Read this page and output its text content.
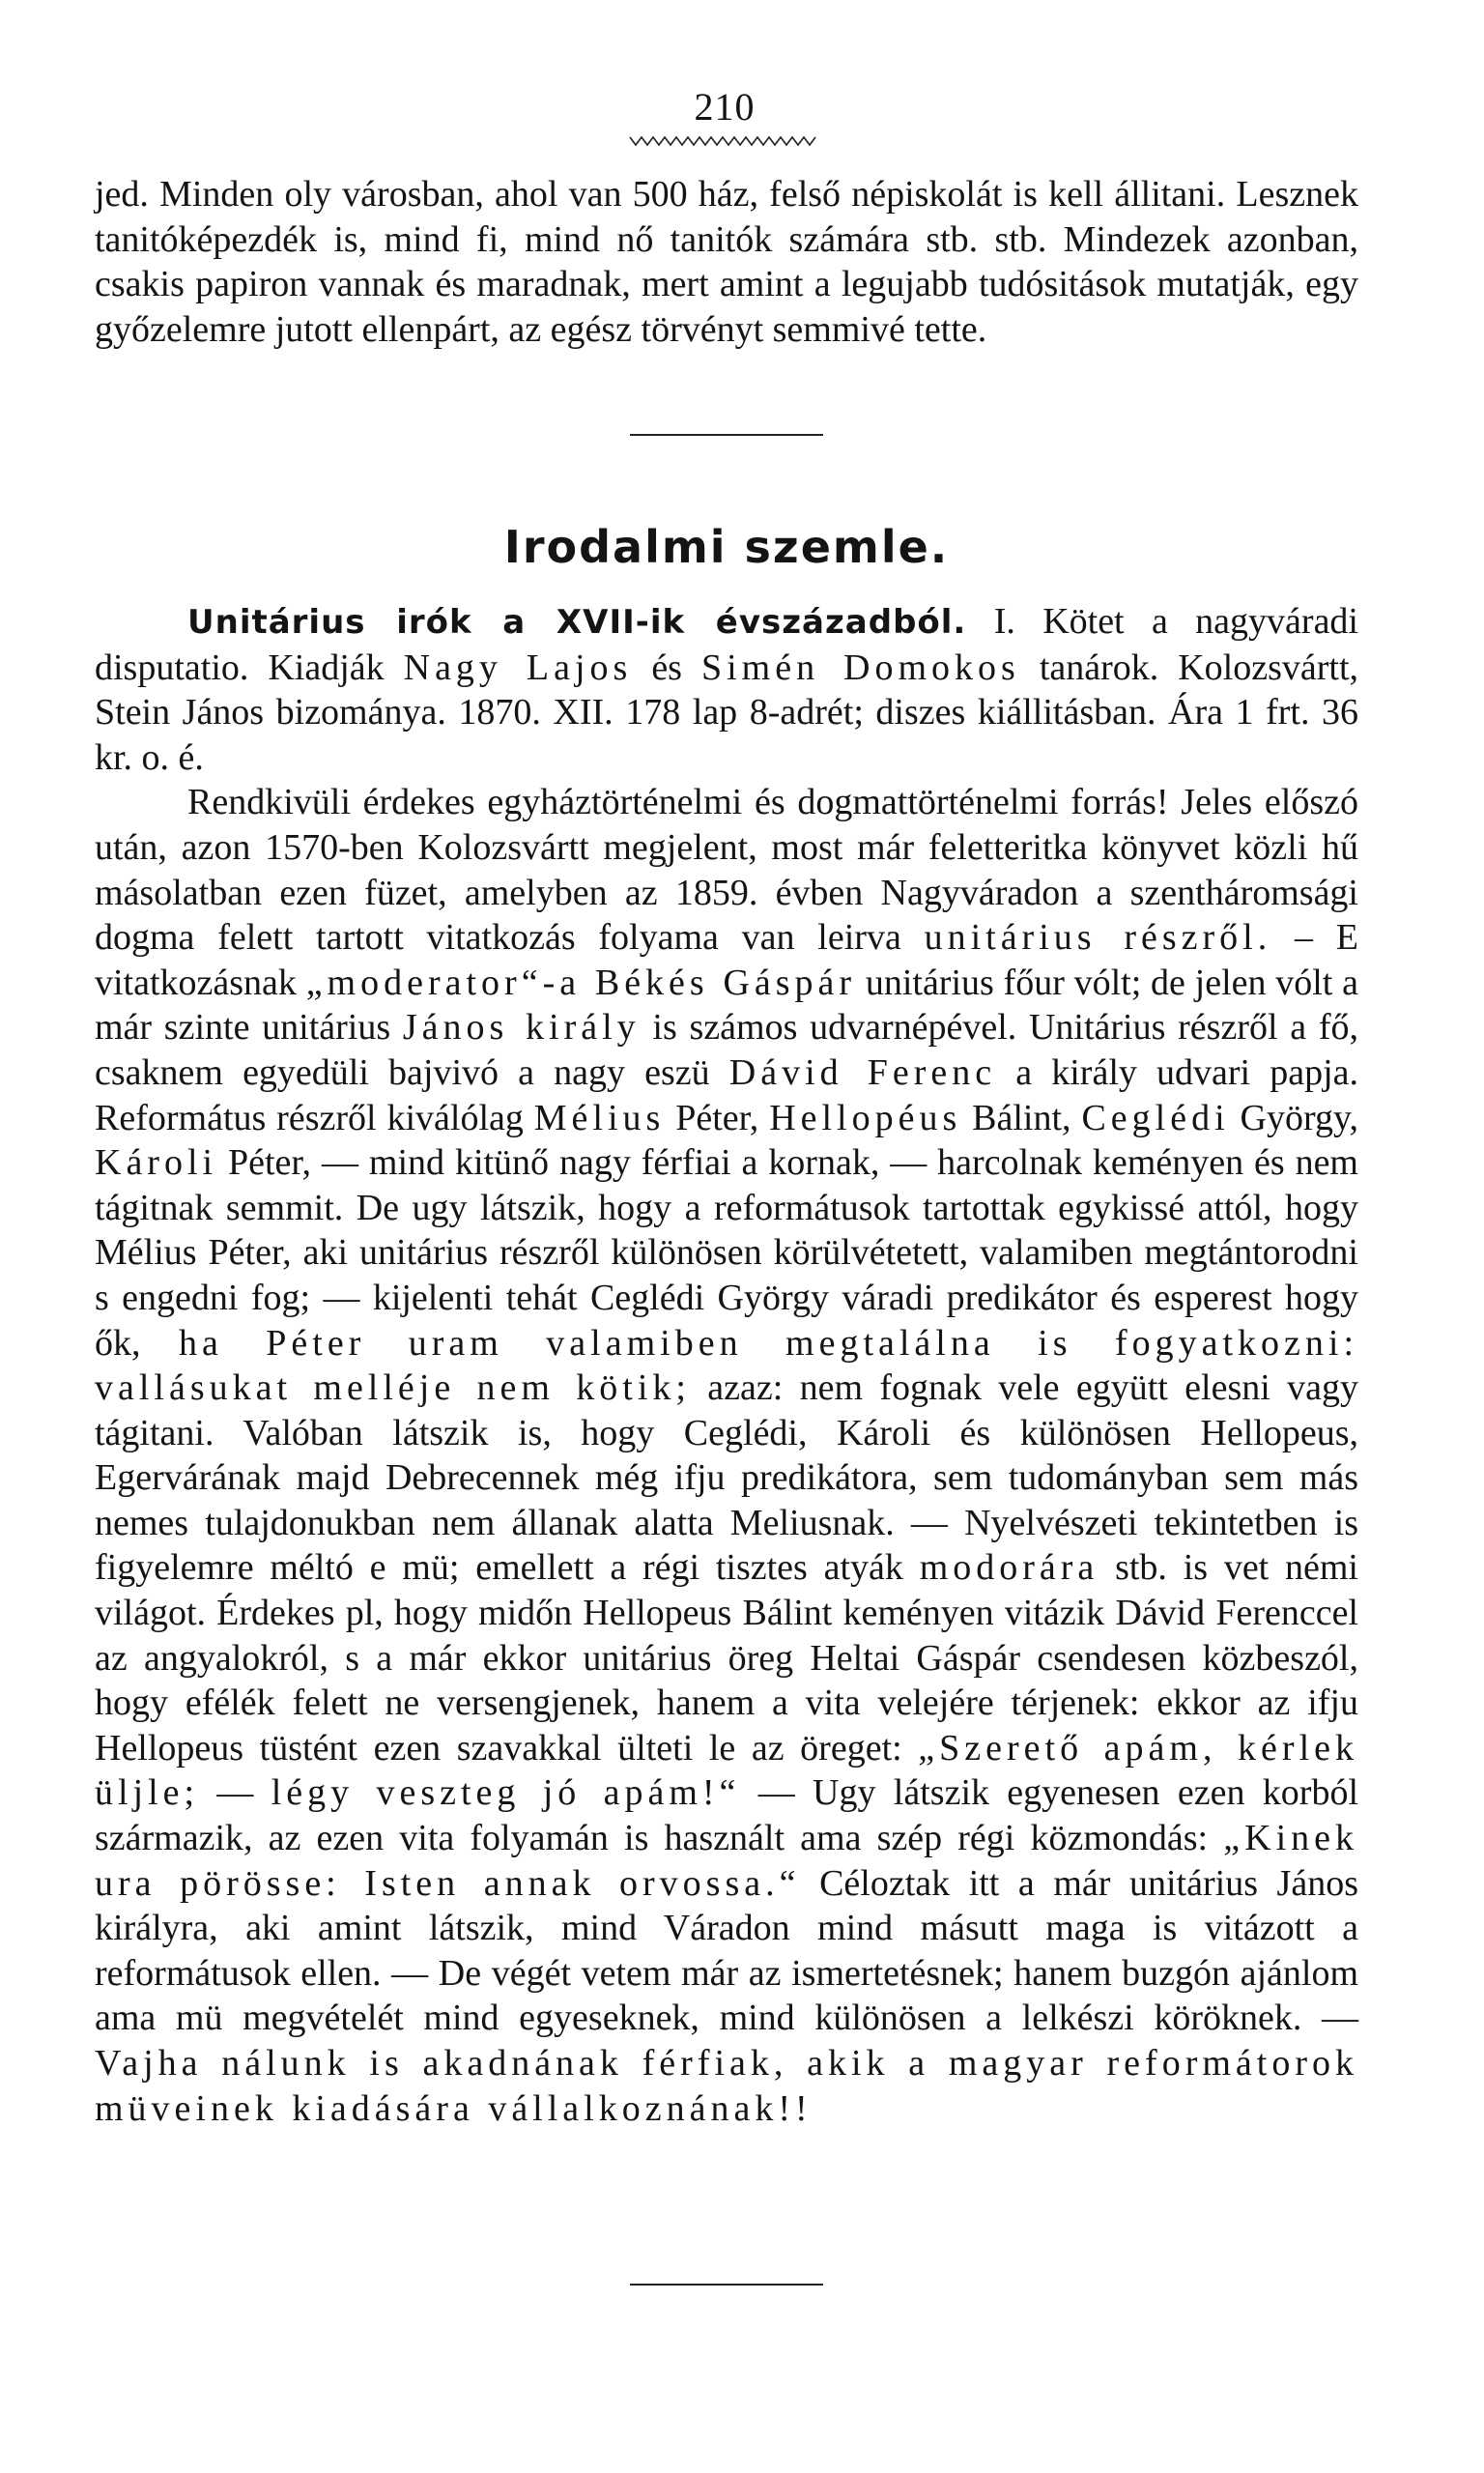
210

jed. Minden oly városban, ahol van 500 ház, felső népiskolát is kell állitani. Lesznek tanitóképezdék is, mind fi, mind nő tanitók számára stb. stb. Mindezek azonban, csakis papiron vannak és maradnak, mert amint a legujabb tudósitások mutatják, egy győzelemre jutott ellenpárt, az egész törvényt semmivé tette.

Irodalmi szemle.

Unitárius irók a XVII-ik évszázadból. I. Kötet a nagyváradi disputatio. Kiadják Nagy Lajos és Simén Domokos tanárok. Kolozsvártt, Stein János bizománya. 1870. XII. 178 lap 8-adrét; diszes kiállitásban. Ára 1 frt. 36 kr. o. é.

Rendkivüli érdekes egyháztörténelmi és dogmattörténelmi forrás! Jeles előszó után, azon 1570-ben Kolozsvártt megjelent, most már feletteritka könyvet közli hű másolatban ezen füzet, amelyben az 1859. évben Nagyváradon a szentháromsági dogma felett tartott vitatkozás folyama van leirva unitárius részről. – E vitatkozásnak „moderator“-a Békés Gáspár unitárius főur vólt; de jelen vólt a már szinte unitárius János király is számos udvarnépével. Unitárius részről a fő, csaknem egyedüli bajvivó a nagy eszü Dávid Ferenc a király udvari papja. Református részről kiválólag Mélius Péter, Hellopéus Bálint, Ceglédi György, Károli Péter, — mind kitünő nagy férfiai a kornak, — harcolnak keményen és nem tágitnak semmit. De ugy látszik, hogy a reformátusok tartottak egykissé attól, hogy Mélius Péter, aki unitárius részről különösen körülvétetett, valamiben megtántorodni s engedni fog; — kijelenti tehát Ceglédi György váradi predikátor és esperest hogy ők, ha Péter uram valamiben megtalálna is fogyatkozni: vallásukat melléje nem kötik; azaz: nem fognak vele együtt elesni vagy tágitani. Valóban látszik is, hogy Ceglédi, Károli és különösen Hellopeus, Egervárának majd Debrecennek még ifju predikátora, sem tudományban sem más nemes tulajdonukban nem állanak alatta Meliusnak. — Nyelvészeti tekintetben is figyelemre méltó e mü; emellett a régi tisztes atyák modorára stb. is vet némi világot. Érdekes pl, hogy midőn Hellopeus Bálint keményen vitázik Dávid Ferenccel az angyalokról, s a már ekkor unitárius öreg Heltai Gáspár csendesen közbeszól, hogy efélék felett ne versengjenek, hanem a vita velejére térjenek: ekkor az ifju Hellopeus tüstént ezen szavakkal ülteti le az öreget: „Szerető apám, kérlek üljle; — légy veszteg jó apám!“ — Ugy látszik egyenesen ezen korból származik, az ezen vita folyamán is használt ama szép régi közmondás: „Kinek ura pörösse: Isten annak orvossa.“ Céloztak itt a már unitárius János királyra, aki amint látszik, mind Váradon mind másutt maga is vitázott a reformátusok ellen. — De végét vetem már az ismertetésnek; hanem buzgón ajánlom ama mü megvételét mind egyeseknek, mind különösen a lelkészi köröknek. — Vajha nálunk is akadnának férfiak, akik a magyar reformátorok müveinek kiadására vállalkoznának!!
